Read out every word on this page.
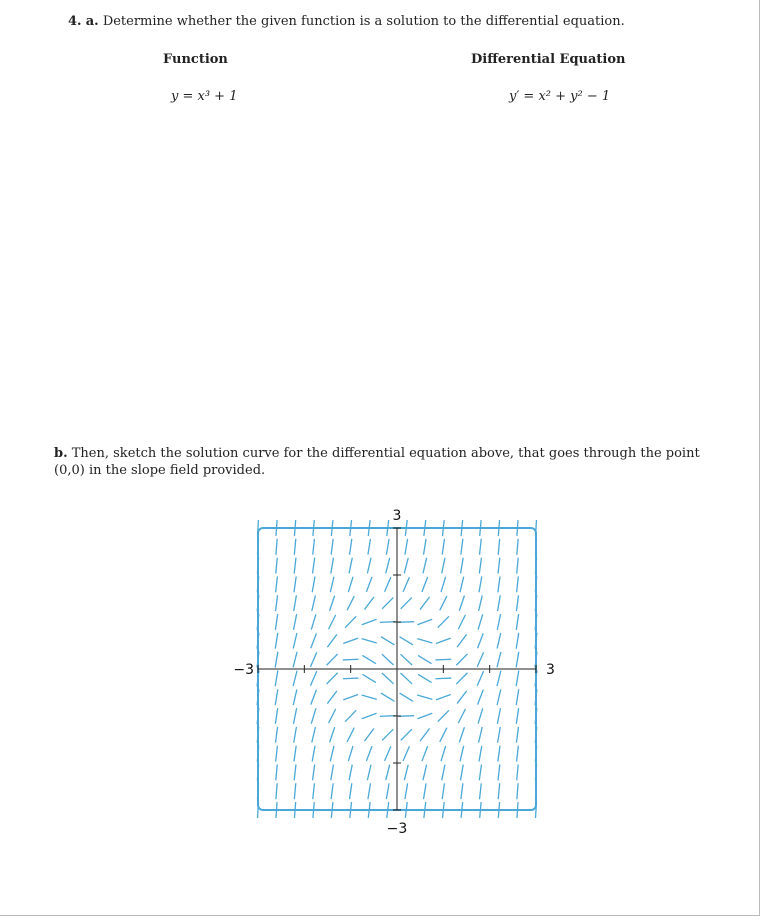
4. a. Determine whether the given function is a solution to the differential equation.
Function	Differential Equation
y = x³ + 1	y′ = x² + y² − 1
b. Then, sketch the solution curve for the differential equation above, that goes through the point (0,0) in the slope field provided.
3
−3
−3	3
